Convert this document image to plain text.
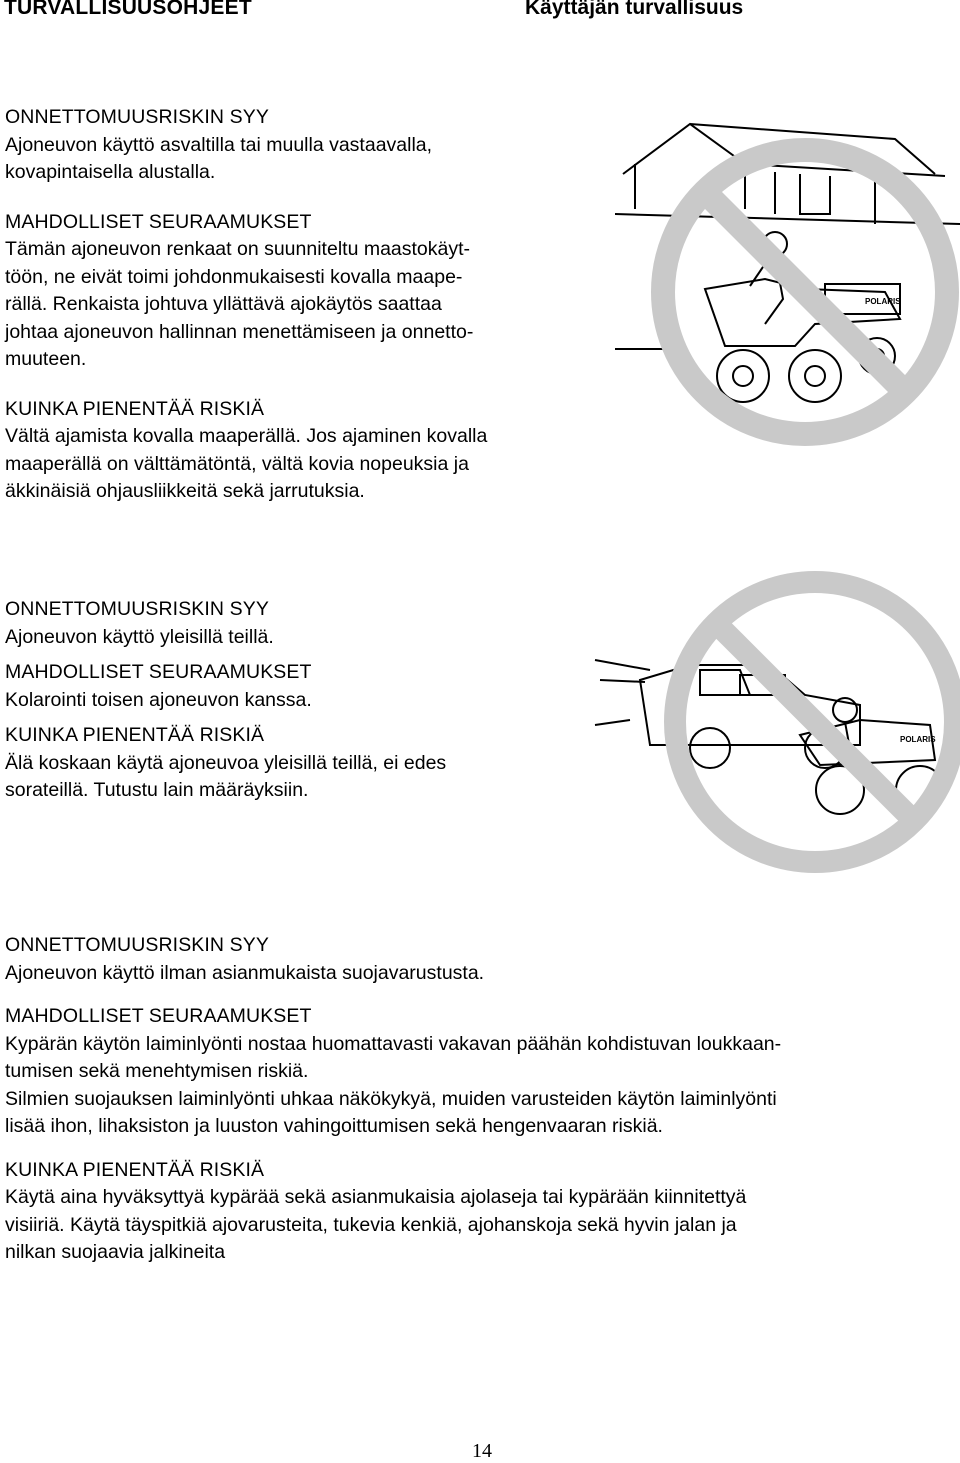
TURVALLISUUSOHJEET	Käyttäjän turvallisuus

ONNETTOMUUSRISKIN SYY

Ajoneuvon käyttö asvaltilla tai muulla vastaavalla,

kovapintaisella alustalla.

MAHDOLLISET SEURAAMUKSET

Tämän ajoneuvon renkaat on suunniteltu maastokäyt-

töön, ne eivät toimi johdonmukaisesti kovalla maape-

rällä. Renkaista johtuva yllättävä ajokäytös saattaa

johtaa ajoneuvon hallinnan menettämiseen ja onnetto-

muuteen.

KUINKA PIENENTÄÄ RISKIÄ

Vältä ajamista kovalla maaperällä. Jos ajaminen kovalla

maaperällä on välttämätöntä, vältä kovia nopeuksia ja

äkkinäisiä ohjausliikkeitä sekä jarrutuksia.

POLARIS

ONNETTOMUUSRISKIN SYY

Ajoneuvon käyttö yleisillä teillä.

MAHDOLLISET SEURAAMUKSET

Kolarointi toisen ajoneuvon kanssa.

KUINKA PIENENTÄÄ RISKIÄ

Älä koskaan käytä ajoneuvoa yleisillä teillä, ei edes

sorateillä. Tutustu lain määräyksiin.

POLARIS

ONNETTOMUUSRISKIN SYY

Ajoneuvon käyttö ilman asianmukaista suojavarustusta.

MAHDOLLISET SEURAAMUKSET

Kypärän käytön laiminlyönti nostaa huomattavasti vakavan päähän kohdistuvan loukkaan-

tumisen sekä menehtymisen riskiä.

Silmien suojauksen laiminlyönti uhkaa näkökykyä, muiden varusteiden käytön laiminlyönti

lisää ihon, lihaksiston ja luuston vahingoittumisen sekä hengenvaaran riskiä.

KUINKA PIENENTÄÄ RISKIÄ

Käytä aina hyväksyttyä kypärää sekä asianmukaisia ajolaseja tai kypärään kiinnitettyä

visiiriä. Käytä täyspitkiä ajovarusteita, tukevia kenkiä, ajohanskoja sekä hyvin jalan ja

nilkan suojaavia jalkineita

14
